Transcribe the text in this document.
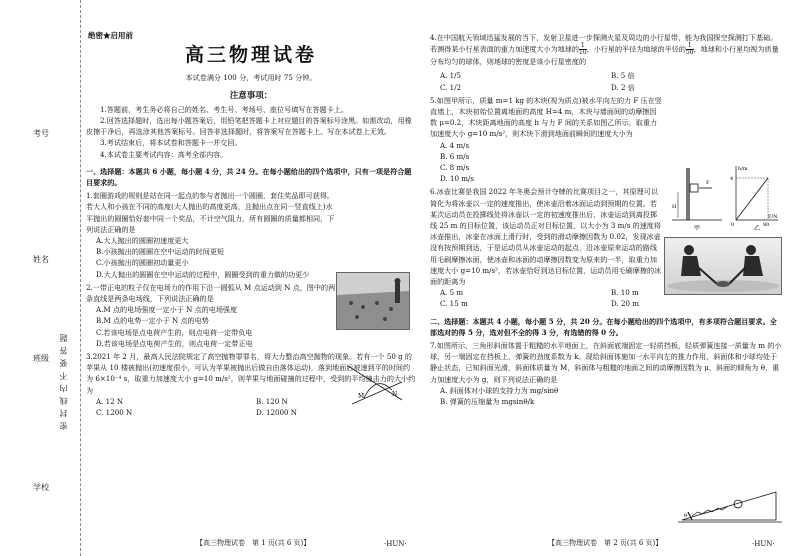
考号
姓名
班级
学校
密 封 线 内 不 要 答 题
绝密★启用前
高三物理试卷
本试卷满分 100 分，考试用时 75 分钟。
注意事项：

1.答题前，考生务必将自己的姓名、考生号、考场号、座位号填写在答题卡上。

2.回答选择题时，选出每小题答案后，用铅笔把答题卡上对应题目的答案标号涂黑。如需改动，用橡皮擦干净后，再选涂其他答案标号。回答非选择题时，将答案写在答题卡上。写在本试卷上无效。

3.考试结束后，将本试卷和答题卡一并交回。

4.本试卷主要考试内容：高考全部内容。

一、选择题：本题共 6 小题，每小题 4 分，共 24 分。在每小题给出的四个选项中，只有一项是符合题目要求的。
1.套圈游戏的规则是站在同一起点的参与者抛出一个圆圈，套住奖品即可获得。若大人和小孩在不同的高度(大人抛出的高度更高，且抛出点在同一竖直线上)水平抛出的圆圈恰好套中同一个奖品，不计空气阻力，所有圆圈的质量都相同，下列说法正确的是
A.大人抛出的圆圈初速度更大
B.小孩抛出的圆圈在空中运动的时间更短
C.小孩抛出的圆圈初动量更小
D.大人抛出的圆圈在空中运动的过程中，圆圈受到的重力做的功更少
2.一带正电的粒子仅在电场力的作用下沿一圆弧从 M 点运动到 N 点，图中的两条直线是两条电场线，下列说法正确的是
A.M 点的电场强度一定小于 N 点的电场强度
B.M 点的电势一定小于 N 点的电势
C.若该电场是点电荷产生的，则点电荷一定带负电
D.若该电场是点电荷产生的，则点电荷一定带正电
3.2021 年 2 月，最高人民法院规定了高空抛物罪罪名，将大力整治高空抛物的现象。若有一个 50 g 的苹果从 10 楼被抛出(初速度很小，可认为苹果被抛出后做自由落体运动)，落到地面后被速到平的时间约为 6×10⁻⁴ s，取重力加速度大小 g=10 m/s²，则苹果与地面碰撞的过程中，受到的平均撞击力的大小约为
A. 12 N	B. 120 N
C. 1200 N	D. 12000 N
M	N
4.在中国航天领域迅猛发展的当下，发射卫星进一步探测火星及周边的小行星带，能为我国探空探测打下基础。若测得某小行星表面的重力加速度大小为地球的 $\frac{1}{10}$ ，小行星的半径为地球的半径的 $\frac{1}{50}$ ，地球和小行星均视为质量分布均匀的球体，则地球的密度是该小行星密度的
A. 1/5	B. 5 倍
C. 1/2	D. 2 倍
5.如图甲所示，质量 m=1 kg 的木块(视为质点)被水平向左的力 F 压在竖直墙上，木块初始位置离地面的高度 H=4 m，木块与墙面间的动摩擦因数 μ=0.2，木块距离地面的高度 h 与力 F 间的关系如图乙所示，取重力加速度大小 g=10 m/s²，则木块下滑到地面前瞬间的速度大小为
A. 4 m/s
B. 6 m/s
C. 8 m/s
D. 10 m/s
6.冰壶比赛是我国 2022 年冬奥会预计夺牌的比赛项目之一，其原理可以简化为将冰壶以一定的速度推出，使冰壶沿着冰面运动到预期的位置。若某次运动员在投掷线处将冰壶以一定的初速度推出后，冰壶运动到离投掷线 25 m 的目标位置，该运动员正对目标位置，以大小为 3 m/s 的速度将冰壶推出，冰壶在冰面上滑行时，受到的滑动摩擦因数为 0.02，发现冰壶没有按预期到达，于是运动员从冰壶运动的起点，沿冰壶原来运动的路线用毛刷摩擦冰面，使冰壶和冰面的动摩擦因数变为原来的一半，取重力加速度大小 g=10 m/s²，若冰壶恰好到达目标位置，运动员用毛刷摩擦的冰面的距离为
A. 5 m	B. 10 m
C. 15 m	D. 20 m
二、选择题：本题共 4 小题，每小题 5 分，共 20 分。在每小题给出的四个选项中，有多项符合题目要求。全部选对的得 5 分，选对但不全的得 3 分，有选错的得 0 分。
7.如图所示，三角形斜面体置于粗糙的水平地面上，在斜面底端固定一轻质挡板，轻质弹簧连接一质量为 m 的小球，另一端固定在挡板上，弹簧的劲度系数为 k。现给斜面体施加一水平向左的推力作用，斜面体和小球均处于静止状态，已知斜面光滑，斜面体质量为 M，斜面体与粗糙的地面之间的动摩擦因数为 μ，斜面的倾角为 θ，重力加速度大小为 g，则下列说法正确的是
A. 斜面体对小球的支持力为 mg/sinθ
B. 弹簧的压缩量为 mgsinθ/k
F
H
甲
h/m
4
0	80
F/N
乙
θ
【高三物理试卷　第 1 页(共 6 页)】	·HUN·	【高三物理试卷　第 2 页(共 6 页)】	·HUN·
